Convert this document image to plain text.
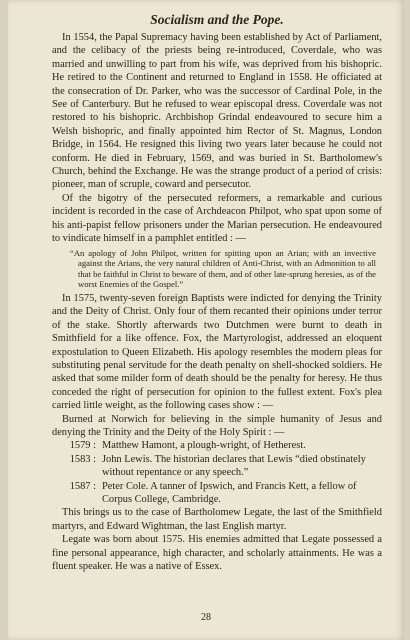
Socialism and the Pope.

In 1554, the Papal Supremacy having been established by Act of Parliament, and the celibacy of the priests being re-introduced, Coverdale, who was married and unwilling to part from his wife, was deprived from his bishopric. He retired to the Continent and returned to England in 1558. He officiated at the consecration of Dr. Parker, who was the successor of Cardinal Pole, in the See of Canterbury. But he refused to wear episcopal dress. Coverdale was not restored to his bishopric. Archbishop Grindal endeavoured to secure him a Welsh bishopric, and finally appointed him Rector of St. Magnus, London Bridge, in 1564. He resigned this living two years later because he could not conform. He died in February, 1569, and was buried in St. Bartholomew's Church, behind the Exchange. He was the strange product of a period of crisis: pioneer, man of scruple, coward and persecutor.

Of the bigotry of the persecuted reformers, a remarkable and curious incident is recorded in the case of Archdeacon Philpot, who spat upon some of his anti-papist fellow prisoners under the Marian persecution. He endeavoured to vindicate himself in a pamphlet entitled : —

“An apology of John Philpot, written for spitting upon an Arian; with an invective against the Arians, the very natural children of Anti-Christ, with an Admonition to all that be faithful in Christ to beware of them, and of other late-sprung heresies, as of the worst Enemies of the Gospel.”

In 1575, twenty-seven foreign Baptists were indicted for denying the Trinity and the Deity of Christ. Only four of them recanted their opinions under terror of the stake. Shortly afterwards two Dutchmen were burnt to death in Smithfield for a like offence. Fox, the Martyrologist, addressed an eloquent expostulation to Queen Elizabeth. His apology resembles the modern pleas for substituting penal servitude for the death penalty on shell-shocked soldiers. He asked that some milder form of death should be the penalty for heresy. He thus conceded the right of persecution for opinion to the fullest extent. Fox's plea carried little weight, as the following cases show : —

Burned at Norwich for believing in the simple humanity of Jesus and denying the Trinity and the Deity of the Holy Spirit : —

1579 : Matthew Hamont, a plough-wright, of Hetherest.
1583 : John Lewis. The historian declares that Lewis “died obstinately without repentance or any speech.”
1587 : Peter Cole. A tanner of Ipswich, and Francis Kett, a fellow of Corpus College, Cambridge.

This brings us to the case of Bartholomew Legate, the last of the Smithfield martyrs, and Edward Wightman, the last English martyr.

Legate was born about 1575. His enemies admitted that Legate possessed a fine personal appearance, high character, and scholarly attainments. He was a fluent speaker. He was a native of Essex.

28
